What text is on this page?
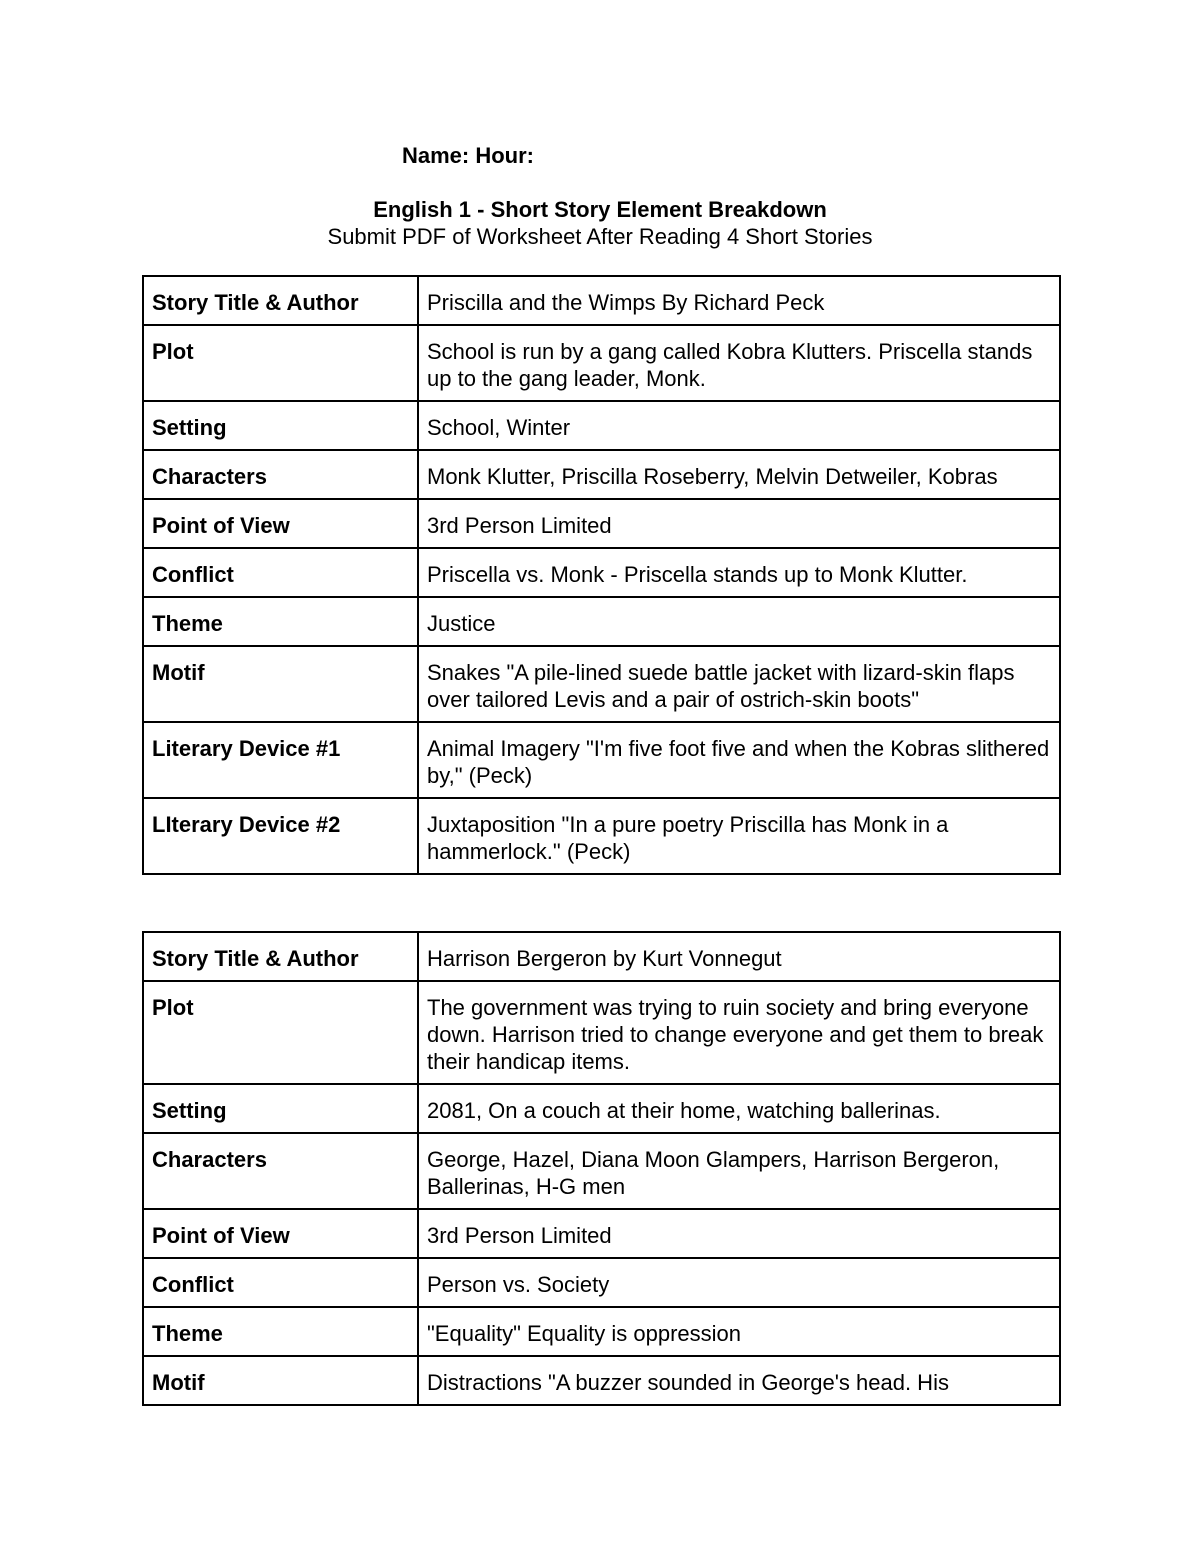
Name: Hour:
English 1 - Short Story Element Breakdown
Submit PDF of Worksheet After Reading 4 Short Stories
Story Title & Author	Priscilla and the Wimps By Richard Peck
Plot	School is run by a gang called Kobra Klutters. Priscella stands up to the gang leader, Monk.
Setting	School, Winter
Characters	Monk Klutter, Priscilla Roseberry, Melvin Detweiler, Kobras
Point of View	3rd Person Limited
Conflict	Priscella vs. Monk - Priscella stands up to Monk Klutter.
Theme	Justice
Motif	Snakes "A pile-lined suede battle jacket with lizard-skin flaps over tailored Levis and a pair of ostrich-skin boots"
Literary Device #1	Animal Imagery "I'm five foot five and when the Kobras slithered by," (Peck)
LIterary Device #2	Juxtaposition "In a pure poetry Priscilla has Monk in a hammerlock." (Peck)
Story Title & Author	Harrison Bergeron by Kurt Vonnegut
Plot	The government was trying to ruin society and bring everyone down. Harrison tried to change everyone and get them to break their handicap items.
Setting	2081, On a couch at their home, watching ballerinas.
Characters	George, Hazel, Diana Moon Glampers, Harrison Bergeron, Ballerinas, H-G men
Point of View	3rd Person Limited
Conflict	Person vs. Society
Theme	"Equality" Equality is oppression
Motif	Distractions "A buzzer sounded in George's head. His
